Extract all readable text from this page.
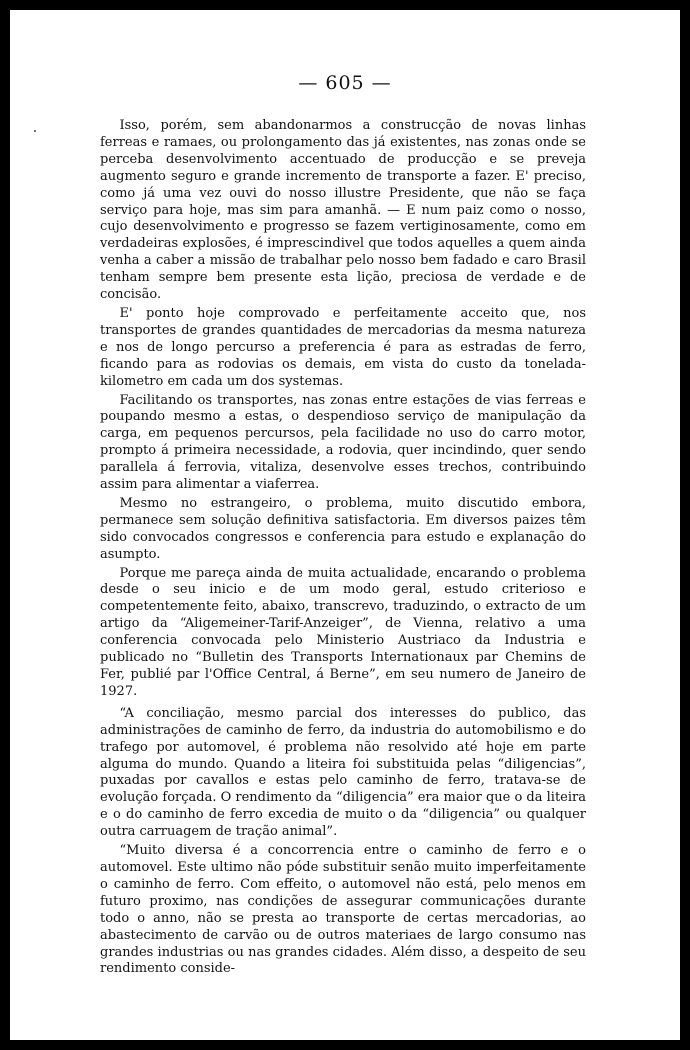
— 605 —

Isso, porém, sem abandonarmos a construcção de novas linhas ferreas e ramaes, ou prolongamento das já existentes, nas zonas onde se perceba desenvolvimento accentuado de producção e se preveja augmento seguro e grande incremento de transporte a fazer. E' preciso, como já uma vez ouvi do nosso illustre Presidente, que não se faça serviço para hoje, mas sim para amanhã. — E num paiz como o nosso, cujo desenvolvimento e progresso se fazem vertiginosamente, como em verdadeiras explosões, é imprescindivel que todos aquelles a quem ainda venha a caber a missão de trabalhar pelo nosso bem fadado e caro Brasil tenham sempre bem presente esta lição, preciosa de verdade e de concisão.

E' ponto hoje comprovado e perfeitamente acceito que, nos transportes de grandes quantidades de mercadorias da mesma natureza e nos de longo percurso a preferencia é para as estradas de ferro, ficando para as rodovias os demais, em vista do custo da tonelada-kilometro em cada um dos systemas.

Facilitando os transportes, nas zonas entre estações de vias ferreas e poupando mesmo a estas, o despendioso serviço de manipulação da carga, em pequenos percursos, pela facilidade no uso do carro motor, prompto á primeira necessidade, a rodovia, quer incindindo, quer sendo parallela á ferrovia, vitaliza, desenvolve esses trechos, contribuindo assim para alimentar a viaferrea.

Mesmo no estrangeiro, o problema, muito discutido embora, permanece sem solução definitiva satisfactoria. Em diversos paizes têm sido convocados congressos e conferencia para estudo e explanação do asumpto.

Porque me pareça ainda de muita actualidade, encarando o problema desde o seu inicio e de um modo geral, estudo criterioso e competentemente feito, abaixo, transcrevo, traduzindo, o extracto de um artigo da “Aligemeiner-Tarif-Anzeiger”, de Vienna, relativo a uma conferencia convocada pelo Ministerio Austriaco da Industria e publicado no “Bulletin des Transports Internationaux par Chemins de Fer, publié par l'Office Central, á Berne”, em seu numero de Janeiro de 1927.

“A conciliação, mesmo parcial dos interesses do publico, das administrações de caminho de ferro, da industria do automobilismo e do trafego por automovel, é problema não resolvido até hoje em parte alguma do mundo. Quando a liteira foi substituida pelas “diligencias”, puxadas por cavallos e estas pelo caminho de ferro, tratava-se de evolução forçada. O rendimento da “diligencia” era maior que o da liteira e o do caminho de ferro excedia de muito o da “diligencia” ou qualquer outra carruagem de tração animal”.

“Muito diversa é a concorrencia entre o caminho de ferro e o automovel. Este ultimo não póde substituir senão muito imperfeitamente o caminho de ferro. Com effeito, o automovel não está, pelo menos em futuro proximo, nas condições de assegurar communicações durante todo o anno, não se presta ao transporte de certas mercadorias, ao abastecimento de carvão ou de outros materiaes de largo consumo nas grandes industrias ou nas grandes cidades. Além disso, a despeito de seu rendimento conside-
